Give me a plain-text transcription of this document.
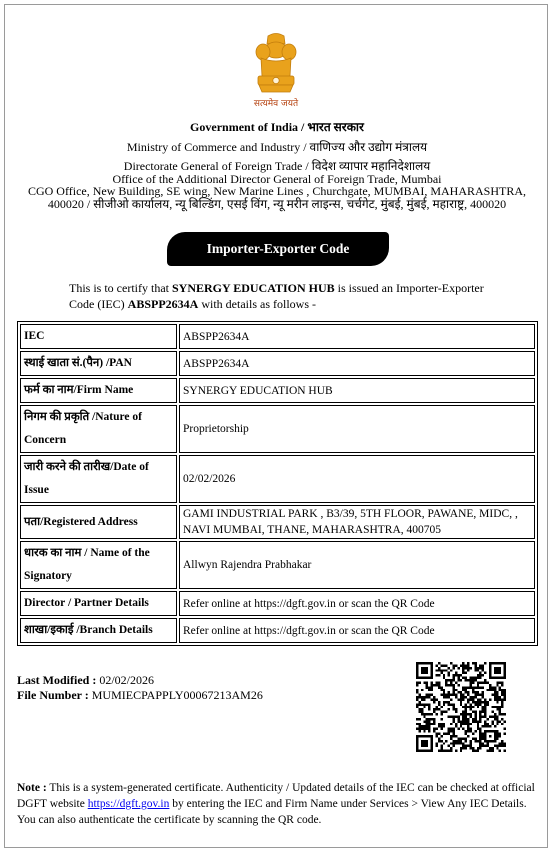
सत्यमेव जयते
Government of India / भारत सरकार
Ministry of Commerce and Industry / वाणिज्य और उद्योग मंत्रालय
Directorate General of Foreign Trade / विदेश व्यापार महानिदेशालय
Office of the Additional Director General of Foreign Trade, Mumbai
CGO Office, New Building, SE wing, New Marine Lines , Churchgate, MUMBAI, MAHARASHTRA,
400020 / सीजीओ कार्यालय, न्यू बिल्डिंग, एसई विंग, न्यू मरीन लाइन्स, चर्चगेट, मुंबई, मुंबई, महाराष्ट्र, 400020
Importer-Exporter Code
This is to certify that SYNERGY EDUCATION HUB is issued an Importer-Exporter Code (IEC) ABSPP2634A with details as follows -
IEC	ABSPP2634A
स्थाई खाता सं.(पैन) /PAN	ABSPP2634A
फर्म का नाम/Firm Name	SYNERGY EDUCATION HUB
निगम की प्रकृति /Nature of Concern	Proprietorship
जारी करने की तारीख/Date of Issue	02/02/2026
पता/Registered Address	GAMI INDUSTRIAL PARK , B3/39, 5TH FLOOR, PAWANE, MIDC, , NAVI MUMBAI, THANE, MAHARASHTRA, 400705
धारक का नाम / Name of the Signatory	Allwyn Rajendra Prabhakar
Director / Partner Details	Refer online at https://dgft.gov.in or scan the QR Code
शाखा/इकाई /Branch Details	Refer online at https://dgft.gov.in or scan the QR Code
Last Modified : 02/02/2026
File Number : MUMIECPAPPLY00067213AM26
Note : This is a system-generated certificate. Authenticity / Updated details of the IEC can be checked at official DGFT website https://dgft.gov.in by entering the IEC and Firm Name under Services > View Any IEC Details. You can also authenticate the certificate by scanning the QR code.
